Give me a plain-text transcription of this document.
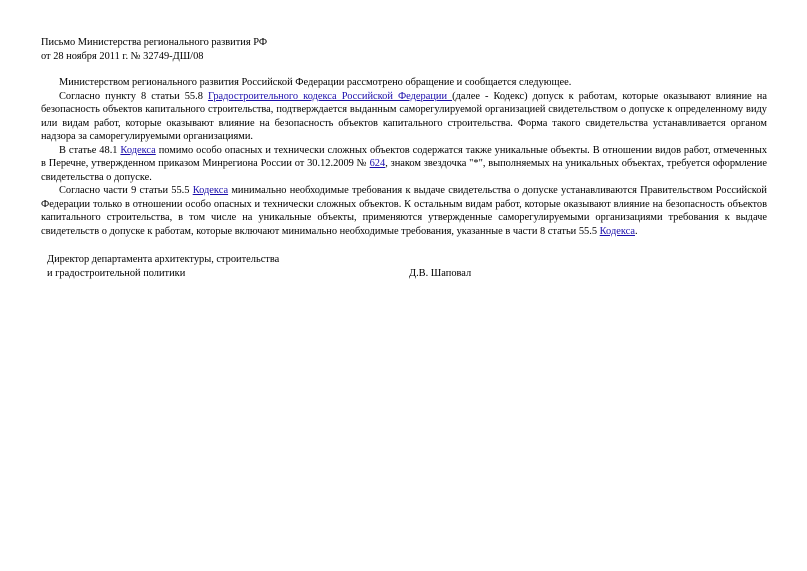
Письмо Министерства регионального развития РФ
от 28 ноября 2011 г. № 32749-ДШ/08

Министерством регионального развития Российской Федерации рассмотрено обращение и сообщается следующее.

Согласно пункту 8 статьи 55.8 Градостроительного кодекса Российской Федерации (далее - Кодекс) допуск к работам, которые оказывают влияние на безопасность объектов капитального строительства, подтверждается выданным саморегулируемой организацией свидетельством о допуске к определенному виду или видам работ, которые оказывают влияние на безопасность объектов капитального строительства. Форма такого свидетельства устанавливается органом надзора за саморегулируемыми организациями.

В статье 48.1 Кодекса помимо особо опасных и технически сложных объектов содержатся также уникальные объекты. В отношении видов работ, отмеченных в Перечне, утвержденном приказом Минрегиона России от 30.12.2009 № 624, знаком звездочка "*", выполняемых на уникальных объектах, требуется оформление свидетельства о допуске.

Согласно части 9 статьи 55.5 Кодекса минимально необходимые требования к выдаче свидетельства о допуске устанавливаются Правительством Российской Федерации только в отношении особо опасных и технически сложных объектов. К остальным видам работ, которые оказывают влияние на безопасность объектов капитального строительства, в том числе на уникальные объекты, применяются утвержденные саморегулируемыми организациями требования к выдаче свидетельств о допуске к работам, которые включают минимально необходимые требования, указанные в части 8 статьи 55.5 Кодекса.

Директор департамента архитектуры, строительства
и градостроительной политики	Д.В. Шаповал
